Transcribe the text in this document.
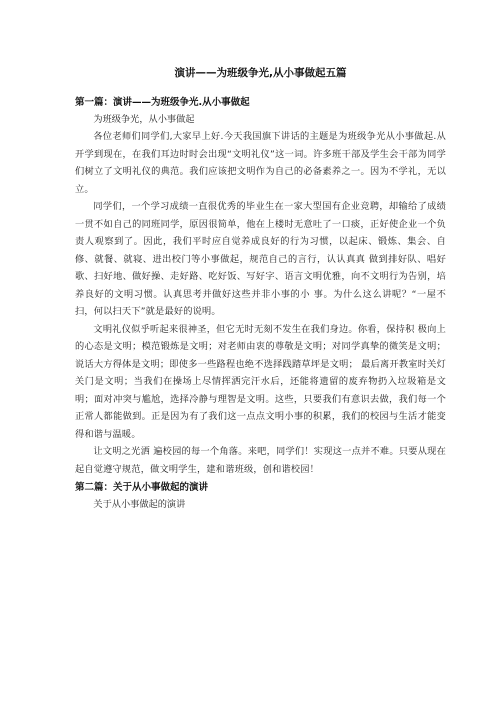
演讲——为班级争光,从小事做起五篇
第一篇：演讲——为班级争光.从小事做起

为班级争光，从小事做起

各位老师们同学们,大家早上好.今天我国旗下讲话的主题是为班级争光从小事做起.从开学到现在，在我们耳边时时会出现“文明礼仪”这一词。许多班干部及学生会干部为同学们树立了文明礼仪的典范。我们应该把文明作为自己的必备素养之一。因为不学礼，无以立。

同学们，一个学习成绩一直很优秀的毕业生在一家大型国有企业竞聘，却输给了成绩一贯不如自己的同班同学，原因很简单，他在上楼时无意吐了一口痰，正好使企业一个负责人观察到了。因此，我们平时应自觉养成良好的行为习惯，以起床、锻炼、集会、自修、就餐、就寝、进出校门等小事做起，规范自己的言行，认认真真 做到排好队、唱好歌、扫好地、做好操、走好路、吃好饭、写好字、语言文明优雅，向不文明行为告别，培养良好的文明习惯。认真思考并做好这些并非小事的小 事。为什么这么讲呢？“一屋不扫，何以扫天下”就是最好的说明。

文明礼仪似乎听起来很神圣，但它无时无刻不发生在我们身边。你看，保持积 极向上的心态是文明；模范锻炼是文明；对老师由衷的尊敬是文明；对同学真挚的微笑是文明；说话大方得体是文明；即使多一些路程也绝不选择践踏草坪是文明； 最后离开教室时关灯关门是文明；当我们在操场上尽情挥洒完汗水后，还能将遗留的废弃物扔入垃圾箱是文明；面对冲突与尴尬，选择冷静与理智是文明。这些，只要我们有意识去做，我们每一个正常人都能做到。正是因为有了我们这一点点文明小事的积累，我们的校园与生活才能变得和谐与温暖。

让文明之光洒 遍校园的每一个角落。来吧，同学们！实现这一点并不难。只要从现在起自觉遵守规范，做文明学生，建和谐班级，创和谐校园！

第二篇：关于从小事做起的演讲

关于从小事做起的演讲
